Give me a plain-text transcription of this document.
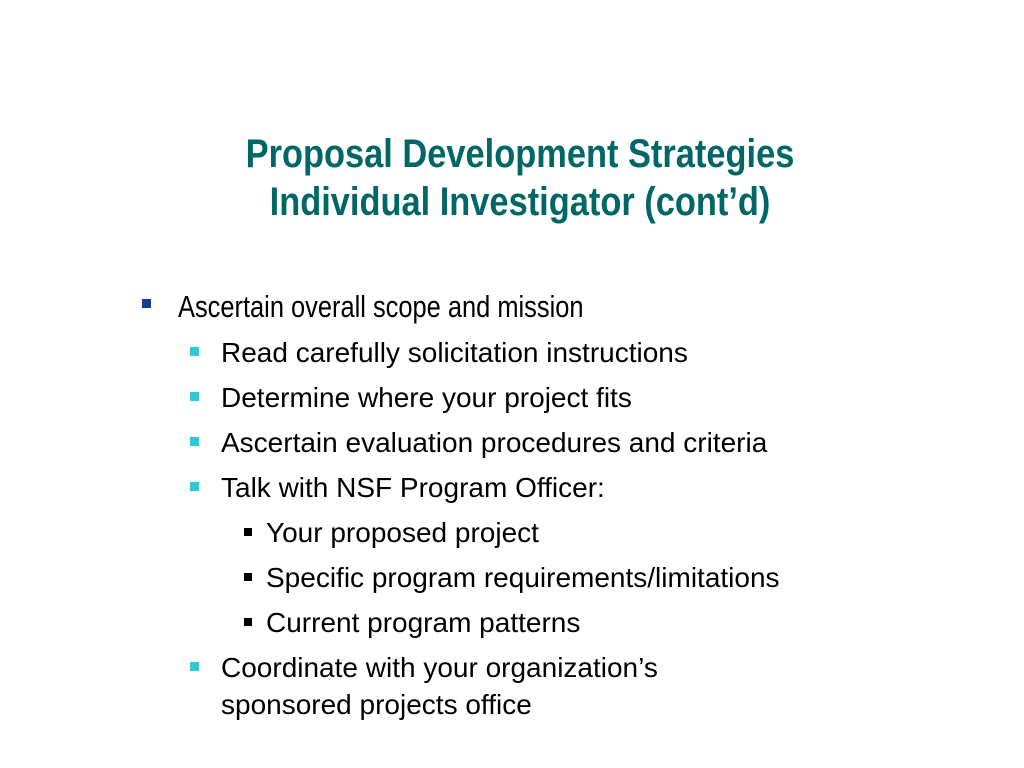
Proposal Development Strategies
Individual Investigator (cont’d)
Ascertain overall scope and mission
Read carefully solicitation instructions
Determine where your project fits
Ascertain evaluation procedures and criteria
Talk with NSF Program Officer:
Your proposed project
Specific program requirements/limitations
Current program patterns
Coordinate with your organization’s
sponsored projects office
